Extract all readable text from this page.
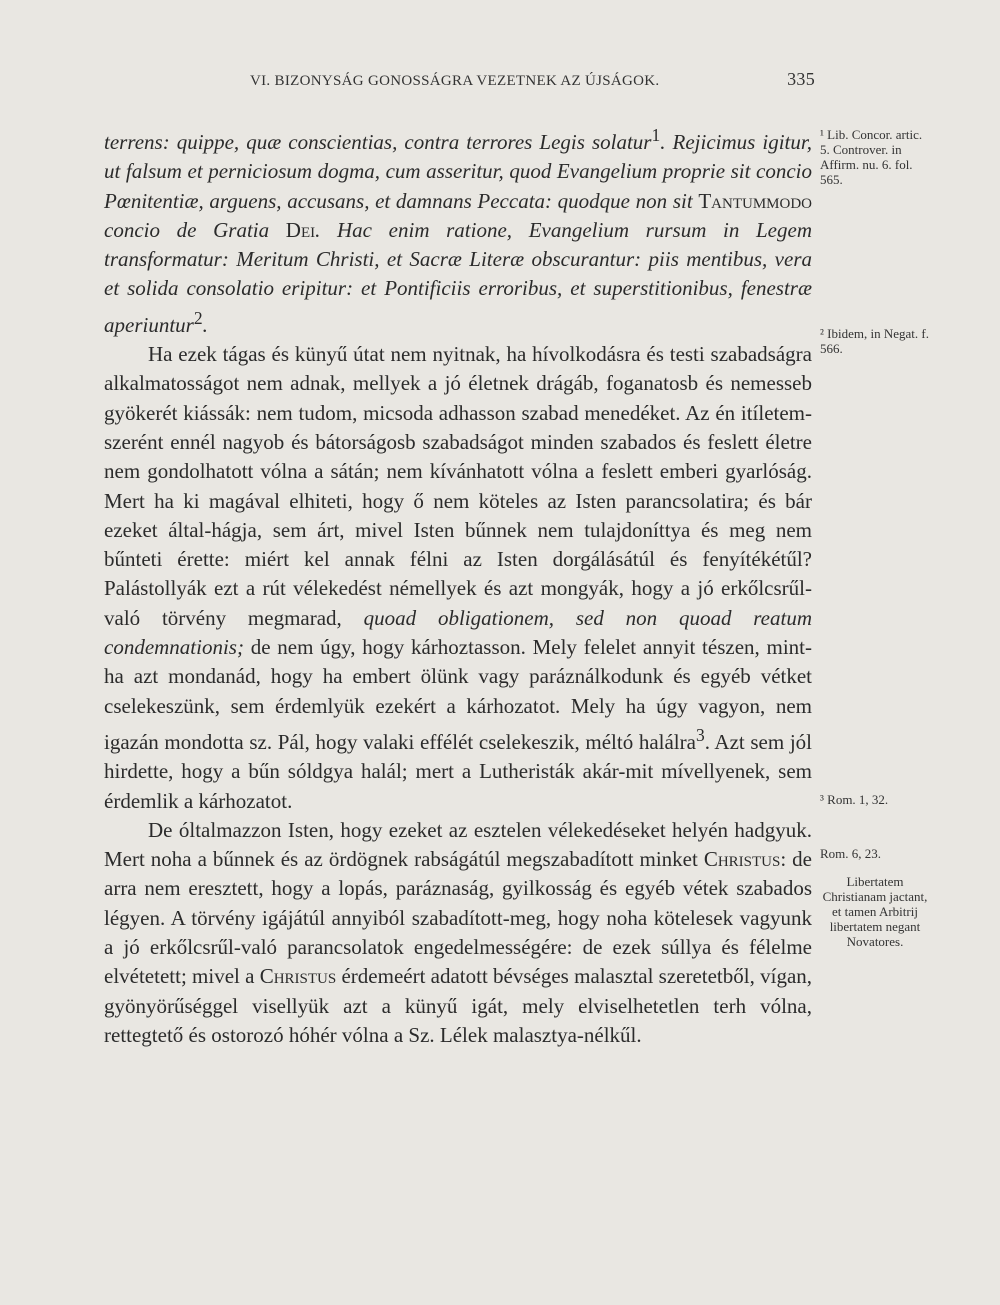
VI. BIZONYSÁG GONOSSÁGRA VEZETNEK AZ ÚJSÁGOK.	335

terrens: quippe, quæ conscientias, contra terrores Legis solatur$^1$. Rejicimus igitur, ut falsum et perniciosum dogma, cum asseritur, quod Evangelium proprie sit concio Pœnitentiæ, arguens, accusans, et damnans Peccata: quodque non sit Tantummodo concio de Gratia Dei. Hac enim ratione, Evangelium rursum in Legem transformatur: Meritum Christi, et Sacræ Literæ obscurantur: piis mentibus, vera et solida consolatio eripitur: et Pontificiis erroribus, et superstitionibus, fenestræ aperiuntur$^2$.

Ha ezek tágas és künyű útat nem nyitnak, ha hívolkodásra és testi szabadságra alkalmatosságot nem adnak, mellyek a jó életnek drágáb, foganatosb és nemesseb gyökerét kiássák: nem tudom, micsoda adhasson szabad menedéket. Az én itíletem-szerént ennél nagyob és bátorságosb szabadságot minden szabados és feslett életre nem gondolhatott vólna a sátán; nem kívánhatott vólna a feslett emberi gyarlóság. Mert ha ki magával elhiteti, hogy ő nem köteles az Isten parancsolatira; és bár ezeket által-hágja, sem árt, mivel Isten bűnnek nem tulajdoníttya és meg nem bűnteti érette: miért kel annak félni az Isten dorgálásátúl és fenyítékétűl? Palástollyák ezt a rút vélekedést némellyek és azt mongyák, hogy a jó erkőlcsrűl-való törvény megmarad, quoad obligationem, sed non quoad reatum condemnationis; de nem úgy, hogy kárhoztasson. Mely felelet annyit tészen, mint-ha azt mondanád, hogy ha embert ölünk vagy paráználkodunk és egyéb vétket cselekeszünk, sem érdemlyük ezekért a kárhozatot. Mely ha úgy vagyon, nem igazán mondotta sz. Pál, hogy valaki effélét cselekeszik, méltó halálra$^3$. Azt sem jól hirdette, hogy a bűn sóldgya halál; mert a Lutheristák akár-mit mívellyenek, sem érdemlik a kárhozatot.

De óltalmazzon Isten, hogy ezeket az esztelen vélekedéseket helyén hadgyuk. Mert noha a bűnnek és az ördögnek rabságátúl megszabadított minket Christus: de arra nem eresztett, hogy a lopás, paráznaság, gyilkosság és egyéb vétek szabados légyen. A törvény igájátúl annyiból szabadított-meg, hogy noha kötelesek vagyunk a jó erkőlcsrűl-való parancsolatok engedelmességére: de ezek súllya és félelme elvétetett; mivel a Christus érdemeért adatott bévséges malasztal szeretetből, vígan, gyönyörűséggel visellyük azt a künyű igát, mely elviselhetetlen terh vólna, rettegtető és ostorozó hóhér vólna a Sz. Lélek malasztya-nélkűl.

¹ Lib. Concor. artic. 5. Controver. in Affirm. nu. 6. fol. 565.
² Ibidem, in Negat. f. 566.
³ Rom. 1, 32.
Rom. 6, 23.
Libertatem Christianam jactant, et tamen Arbitrij libertatem negant Novatores.
